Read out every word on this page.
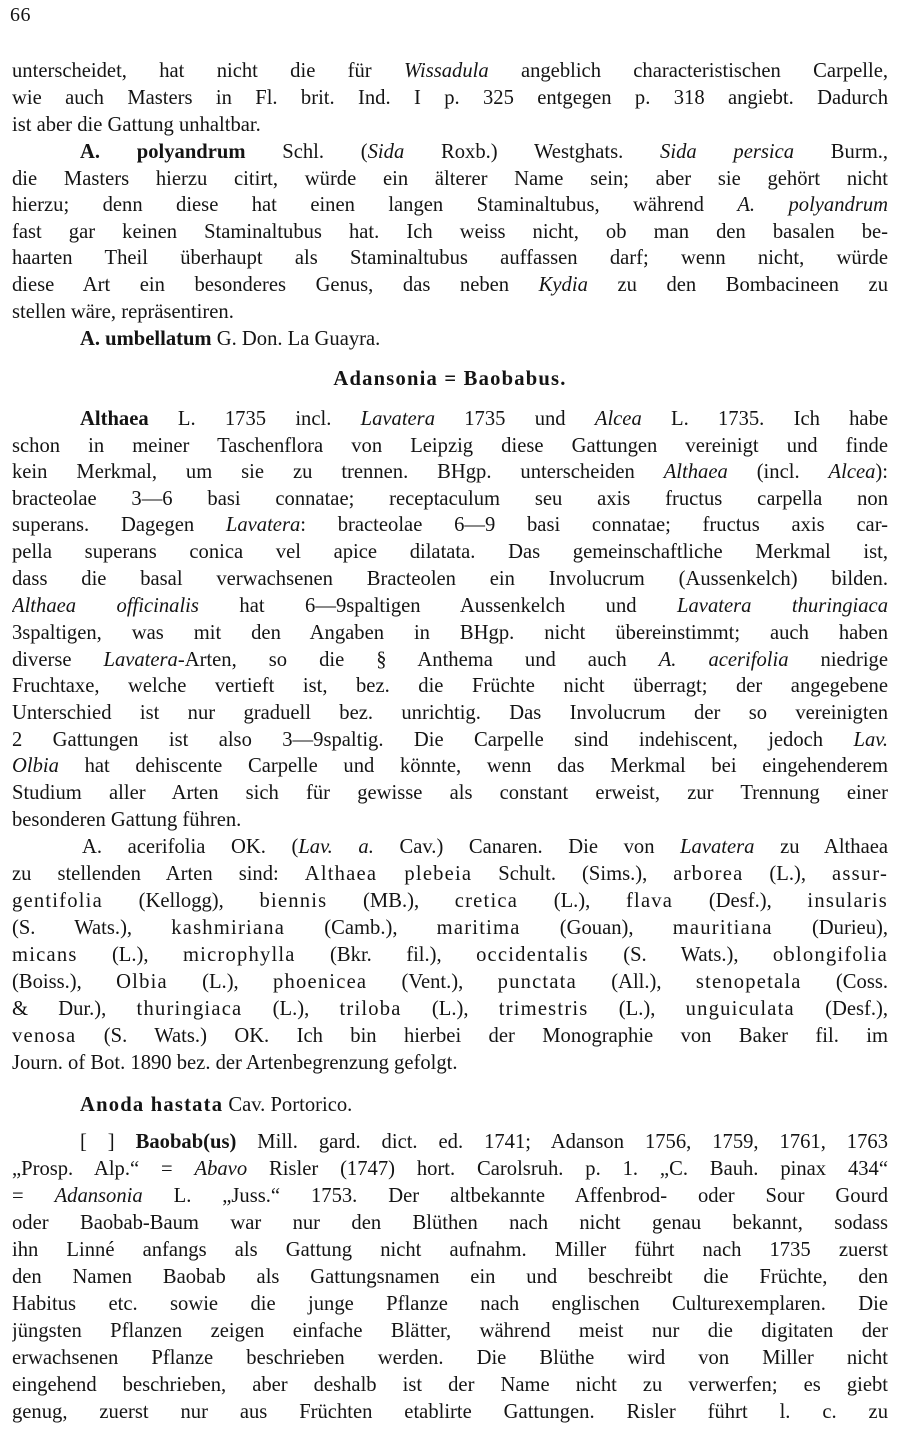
66
unterscheidet, hat nicht die für Wissadula angeblich characteristischen Carpelle,
wie auch Masters in Fl. brit. Ind. I p. 325 entgegen p. 318 angiebt. Dadurch
ist aber die Gattung unhaltbar.
A. polyandrum Schl. (Sida Roxb.) Westghats. Sida persica Burm.,
die Masters hierzu citirt, würde ein älterer Name sein; aber sie gehört nicht
hierzu; denn diese hat einen langen Staminaltubus, während A. polyandrum
fast gar keinen Staminaltubus hat. Ich weiss nicht, ob man den basalen be-
haarten Theil überhaupt als Staminaltubus auffassen darf; wenn nicht, würde
diese Art ein besonderes Genus, das neben Kydia zu den Bombacineen zu
stellen wäre, repräsentiren.
A. umbellatum G. Don. La Guayra.
Adansonia = Baobabus.
Althaea L. 1735 incl. Lavatera 1735 und Alcea L. 1735. Ich habe
schon in meiner Taschenflora von Leipzig diese Gattungen vereinigt und finde
kein Merkmal, um sie zu trennen. BHgp. unterscheiden Althaea (incl. Alcea):
bracteolae 3—6 basi connatae; receptaculum seu axis fructus carpella non
superans. Dagegen Lavatera: bracteolae 6—9 basi connatae; fructus axis car-
pella superans conica vel apice dilatata. Das gemeinschaftliche Merkmal ist,
dass die basal verwachsenen Bracteolen ein Involucrum (Aussenkelch) bilden.
Althaea officinalis hat 6—9spaltigen Aussenkelch und Lavatera thuringiaca
3spaltigen, was mit den Angaben in BHgp. nicht übereinstimmt; auch haben
diverse Lavatera-Arten, so die § Anthema und auch A. acerifolia niedrige
Fruchtaxe, welche vertieft ist, bez. die Früchte nicht überragt; der angegebene
Unterschied ist nur graduell bez. unrichtig. Das Involucrum der so vereinigten
2 Gattungen ist also 3—9spaltig. Die Carpelle sind indehiscent, jedoch Lav.
Olbia hat dehiscente Carpelle und könnte, wenn das Merkmal bei eingehenderem
Studium aller Arten sich für gewisse als constant erweist, zur Trennung einer
besonderen Gattung führen.
A. acerifolia OK. (Lav. a. Cav.) Canaren. Die von Lavatera zu Althaea
zu stellenden Arten sind: Althaea plebeia Schult. (Sims.), arborea (L.), assur-
gentifolia (Kellogg), biennis (MB.), cretica (L.), flava (Desf.), insularis
(S. Wats.), kashmiriana (Camb.), maritima (Gouan), mauritiana (Durieu),
micans (L.), microphylla (Bkr. fil.), occidentalis (S. Wats.), oblongifolia
(Boiss.), Olbia (L.), phoenicea (Vent.), punctata (All.), stenopetala (Coss.
& Dur.), thuringiaca (L.), triloba (L.), trimestris (L.), unguiculata (Desf.),
venosa (S. Wats.) OK. Ich bin hierbei der Monographie von Baker fil. im
Journ. of Bot. 1890 bez. der Artenbegrenzung gefolgt.
Anoda hastata Cav. Portorico.
[ ] Baobab(us) Mill. gard. dict. ed. 1741; Adanson 1756, 1759, 1761, 1763
„Prosp. Alp.“ = Abavo Risler (1747) hort. Carolsruh. p. 1. „C. Bauh. pinax 434“
= Adansonia L. „Juss.“ 1753. Der altbekannte Affenbrod- oder Sour Gourd
oder Baobab-Baum war nur den Blüthen nach nicht genau bekannt, sodass
ihn Linné anfangs als Gattung nicht aufnahm. Miller führt nach 1735 zuerst
den Namen Baobab als Gattungsnamen ein und beschreibt die Früchte, den
Habitus etc. sowie die junge Pflanze nach englischen Culturexemplaren. Die
jüngsten Pflanzen zeigen einfache Blätter, während meist nur die digitaten der
erwachsenen Pflanze beschrieben werden. Die Blüthe wird von Miller nicht
eingehend beschrieben, aber deshalb ist der Name nicht zu verwerfen; es giebt
genug, zuerst nur aus Früchten etablirte Gattungen. Risler führt l. c. zu
